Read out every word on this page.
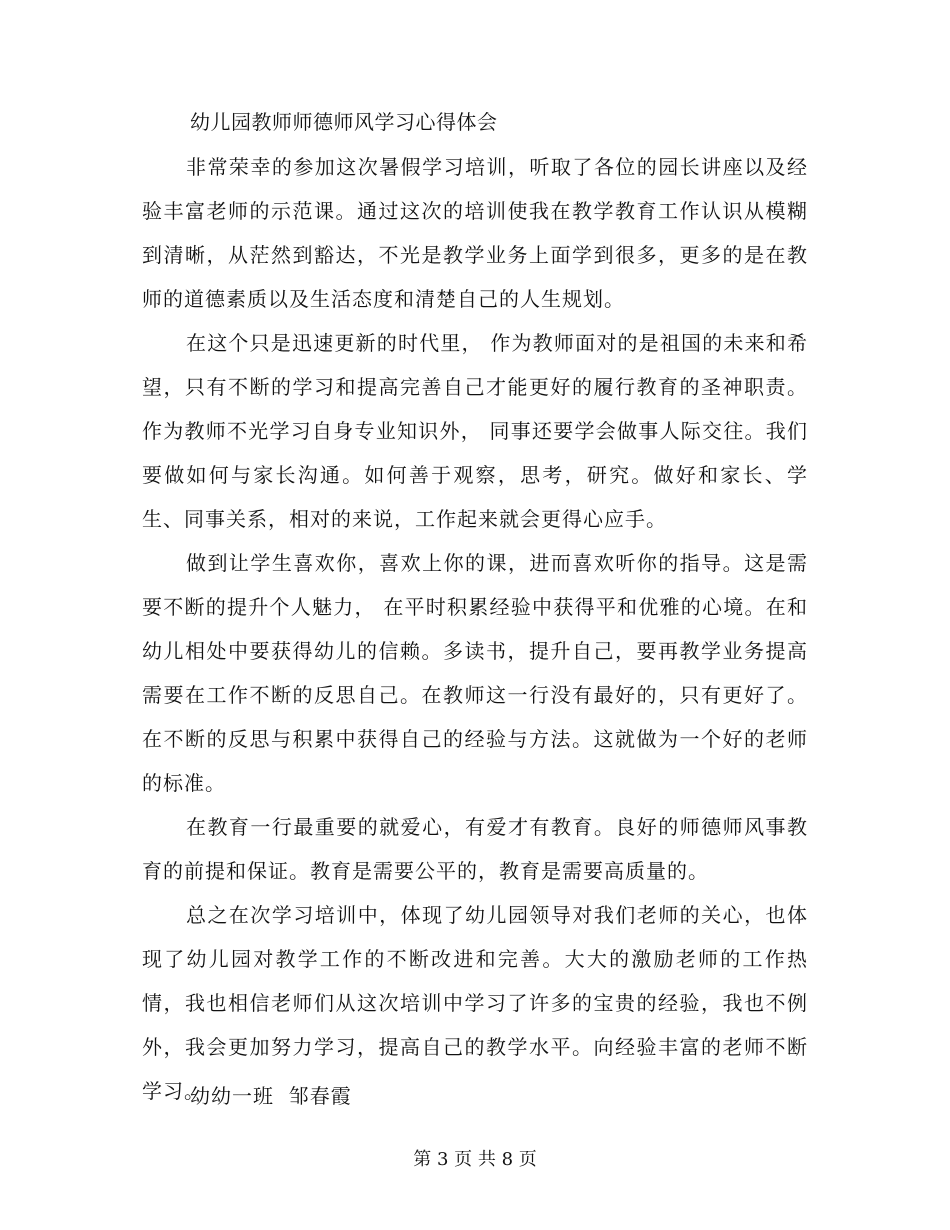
幼儿园教师师德师风学习心得体会

非常荣幸的参加这次暑假学习培训，听取了各位的园长讲座以及经验丰富老师的示范课。通过这次的培训使我在教学教育工作认识从模糊到清晰，从茫然到豁达，不光是教学业务上面学到很多，更多的是在教师的道德素质以及生活态度和清楚自己的人生规划。

在这个只是迅速更新的时代里， 作为教师面对的是祖国的未来和希望，只有不断的学习和提高完善自己才能更好的履行教育的圣神职责。 作为教师不光学习自身专业知识外， 同事还要学会做事人际交往。我们要做如何与家长沟通。如何善于观察，思考，研究。做好和家长、学生、同事关系，相对的来说，工作起来就会更得心应手。

做到让学生喜欢你，喜欢上你的课，进而喜欢听你的指导。这是需要不断的提升个人魅力， 在平时积累经验中获得平和优雅的心境。在和幼儿相处中要获得幼儿的信赖。多读书，提升自己，要再教学业务提高需要在工作不断的反思自己。在教师这一行没有最好的，只有更好了。在不断的反思与积累中获得自己的经验与方法。这就做为一个好的老师的标准。

在教育一行最重要的就爱心，有爱才有教育。良好的师德师风事教育的前提和保证。教育是需要公平的，教育是需要高质量的。

总之在次学习培训中，体现了幼儿园领导对我们老师的关心，也体现了幼儿园对教学工作的不断改进和完善。大大的激励老师的工作热情，我也相信老师们从这次培训中学习了许多的宝贵的经验，我也不例外，我会更加努力学习，提高自己的教学水平。向经验丰富的老师不断学习。

幼幼一班  邹春霞
第 3 页 共 8 页
